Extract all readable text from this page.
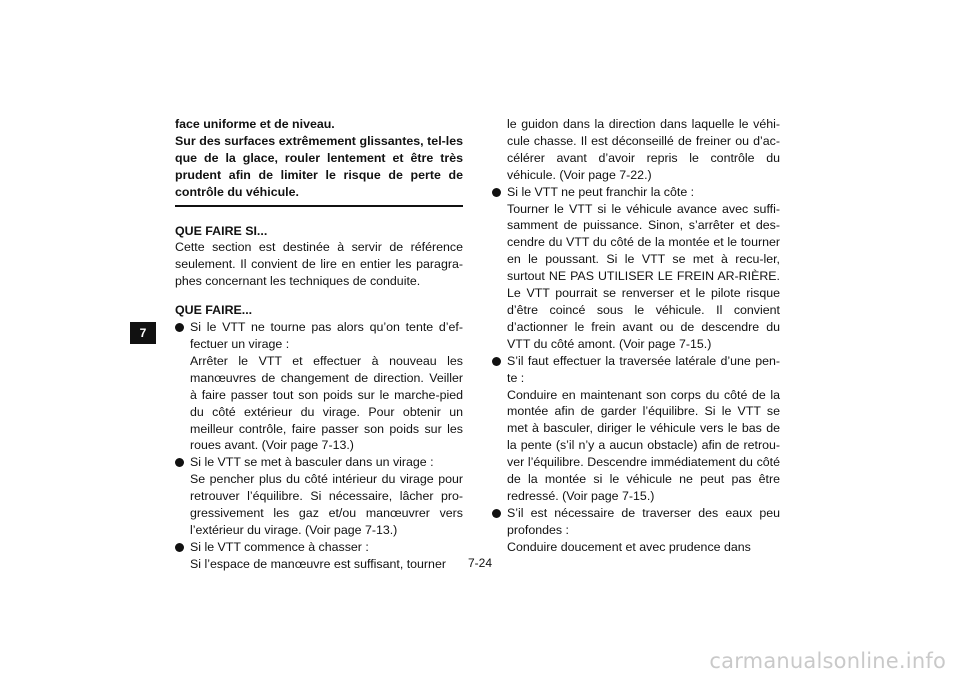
7

face uniforme et de niveau.

Sur des surfaces extrêmement glissantes, tel-les que de la glace, rouler lentement et être très prudent afin de limiter le risque de perte de contrôle du véhicule.

QUE FAIRE SI...

Cette section est destinée à servir de référence seulement. Il convient de lire en entier les paragra-phes concernant les techniques de conduite.

QUE FAIRE...

Si le VTT ne tourne pas alors qu’on tente d’ef-fectuer un virage :

Arrêter le VTT et effectuer à nouveau les manœuvres de changement de direction. Veiller à faire passer tout son poids sur le marche-pied du côté extérieur du virage. Pour obtenir un meilleur contrôle, faire passer son poids sur les roues avant. (Voir page 7-13.)

Si le VTT se met à basculer dans un virage :

Se pencher plus du côté intérieur du virage pour retrouver l’équilibre. Si nécessaire, lâcher pro-gressivement les gaz et/ou manœuvrer vers l’extérieur du virage. (Voir page 7-13.)

Si le VTT commence à chasser :

Si l’espace de manœuvre est suffisant, tourner

le guidon dans la direction dans laquelle le véhi-cule chasse. Il est déconseillé de freiner ou d’ac-célérer avant d’avoir repris le contrôle du véhicule. (Voir page 7-22.)

Si le VTT ne peut franchir la côte :

Tourner le VTT si le véhicule avance avec suffi-samment de puissance. Sinon, s’arrêter et des-cendre du VTT du côté de la montée et le tourner en le poussant. Si le VTT se met à recu-ler, surtout NE PAS UTILISER LE FREIN AR-RIÈRE. Le VTT pourrait se renverser et le pilote risque d’être coincé sous le véhicule. Il convient d’actionner le frein avant ou de descendre du VTT du côté amont. (Voir page 7-15.)

S’il faut effectuer la traversée latérale d’une pen-te :

Conduire en maintenant son corps du côté de la montée afin de garder l’équilibre. Si le VTT se met à basculer, diriger le véhicule vers le bas de la pente (s’il n’y a aucun obstacle) afin de retrou-ver l’équilibre. Descendre immédiatement du côté de la montée si le véhicule ne peut pas être redressé. (Voir page 7-15.)

S’il est nécessaire de traverser des eaux peu profondes :

Conduire doucement et avec prudence dans

7-24
carmanualsonline.info
